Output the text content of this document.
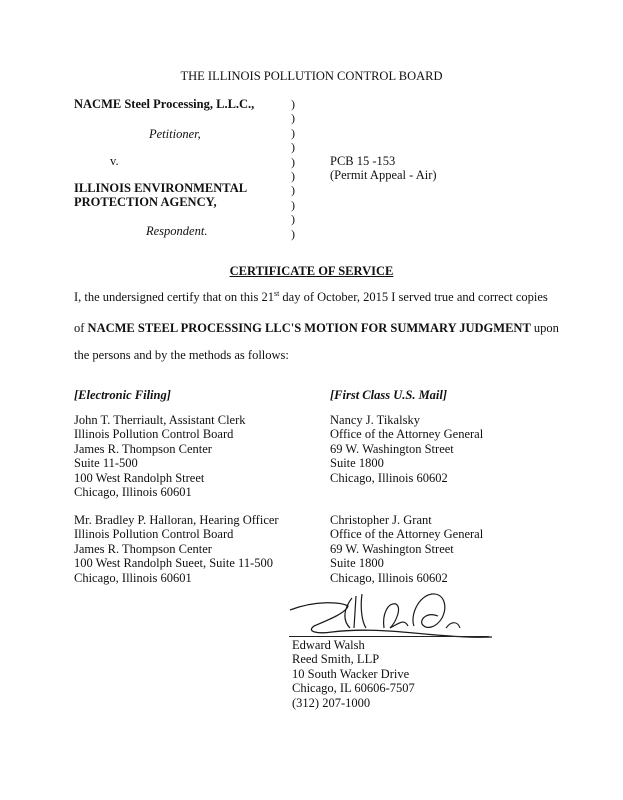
THE ILLINOIS POLLUTION CONTROL BOARD
NACME Steel Processing, L.L.C.,
Petitioner,
v.
ILLINOIS ENVIRONMENTAL
PROTECTION AGENCY,
Respondent.
)
)
)
)
)
)
)
)
)
)
PCB 15 -153
(Permit Appeal - Air)
CERTIFICATE OF SERVICE
I, the undersigned certify that on this 21st day of October, 2015 I served true and correct copies
of NACME STEEL PROCESSING LLC'S MOTION FOR SUMMARY JUDGMENT upon
the persons and by the methods as follows:
[Electronic Filing]	[First Class U.S. Mail]
John T. Therriault, Assistant Clerk
Illinois Pollution Control Board
James R. Thompson Center
Suite 11-500
100 West Randolph Street
Chicago, Illinois 60601
Mr. Bradley P. Halloran, Hearing Officer
Illinois Pollution Control Board
James R. Thompson Center
100 West Randolph Sueet, Suite 11-500
Chicago, Illinois 60601
Nancy J. Tikalsky
Office of the Attorney General
69 W. Washington Street
Suite 1800
Chicago, Illinois 60602
Christopher J. Grant
Office of the Attorney General
69 W. Washington Street
Suite 1800
Chicago, Illinois 60602
Edward Walsh
Reed Smith, LLP
10 South Wacker Drive
Chicago, IL 60606-7507
(312) 207-1000
